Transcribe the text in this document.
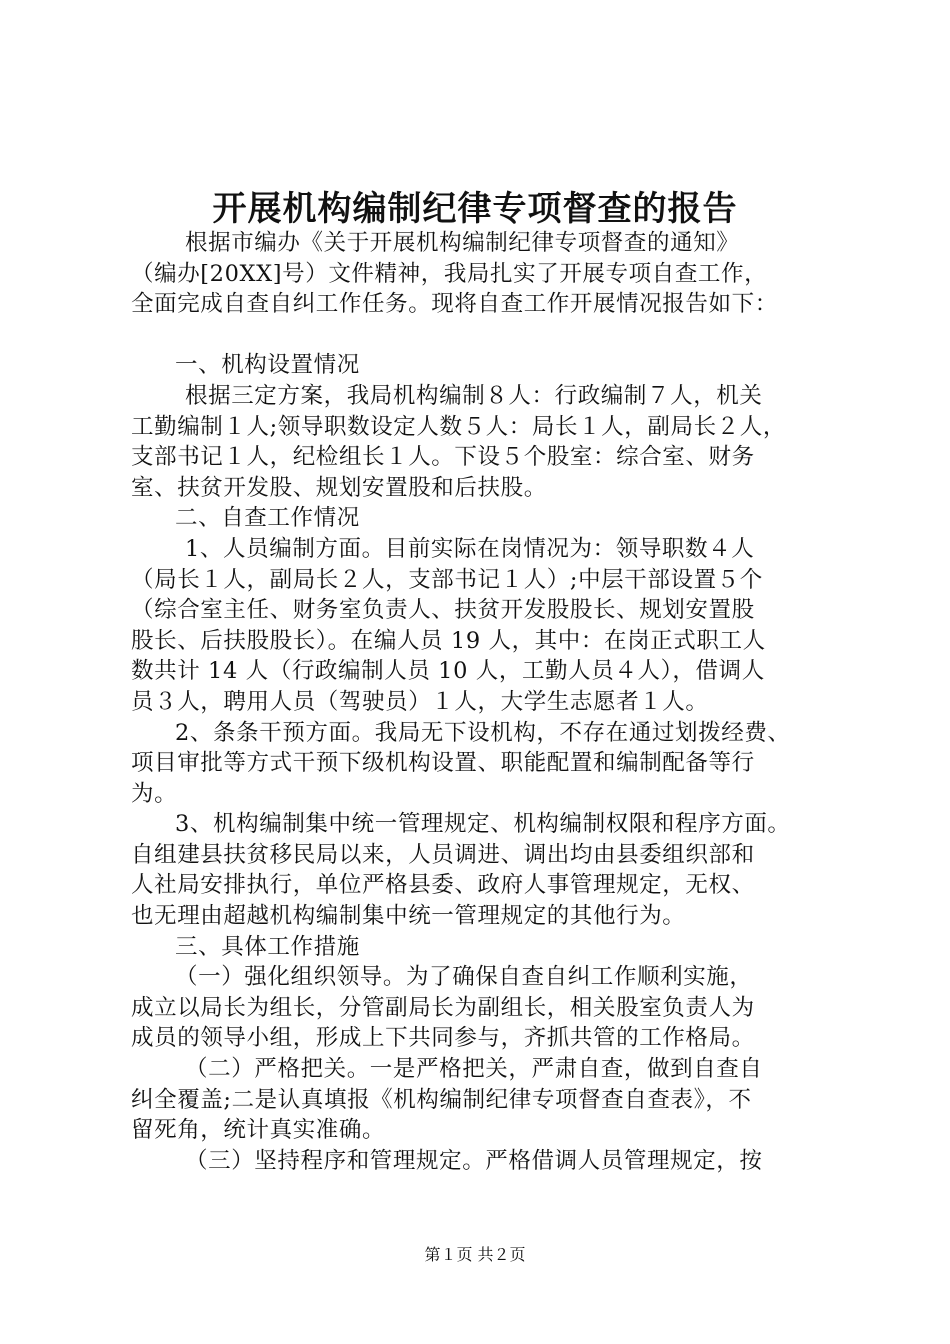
开展机构编制纪律专项督查的报告
根据市编办《关于开展机构编制纪律专项督查的通知》
（编办[20XX]号）文件精神，我局扎实了开展专项自查工作，
全面完成自查自纠工作任务。现将自查工作开展情况报告如下：
一、机构设置情况
根据三定方案，我局机构编制８人：行政编制７人，机关
工勤编制１人;领导职数设定人数５人：局长１人，副局长２人，
支部书记１人，纪检组长１人。下设５个股室：综合室、财务
室、扶贫开发股、规划安置股和后扶股。
二、自查工作情况
1、人员编制方面。目前实际在岗情况为：领导职数４人
（局长１人，副局长２人，支部书记１人）;中层干部设置５个
（综合室主任、财务室负责人、扶贫开发股股长、规划安置股
股长、后扶股股长）。在编人员 19 人，其中：在岗正式职工人
数共计 14 人（行政编制人员 10 人，工勤人员４人），借调人
员３人，聘用人员（驾驶员）１人，大学生志愿者１人。
2、条条干预方面。我局无下设机构，不存在通过划拨经费、
项目审批等方式干预下级机构设置、职能配置和编制配备等行
为。
3、机构编制集中统一管理规定、机构编制权限和程序方面。
自组建县扶贫移民局以来，人员调进、调出均由县委组织部和
人社局安排执行，单位严格县委、政府人事管理规定，无权、
也无理由超越机构编制集中统一管理规定的其他行为。
三、具体工作措施
（一）强化组织领导。为了确保自查自纠工作顺利实施，
成立以局长为组长，分管副局长为副组长，相关股室负责人为
成员的领导小组，形成上下共同参与，齐抓共管的工作格局。
（二）严格把关。一是严格把关，严肃自查，做到自查自
纠全覆盖;二是认真填报《机构编制纪律专项督查自查表》，不
留死角，统计真实准确。
（三）坚持程序和管理规定。严格借调人员管理规定，按
第１页 共２页
